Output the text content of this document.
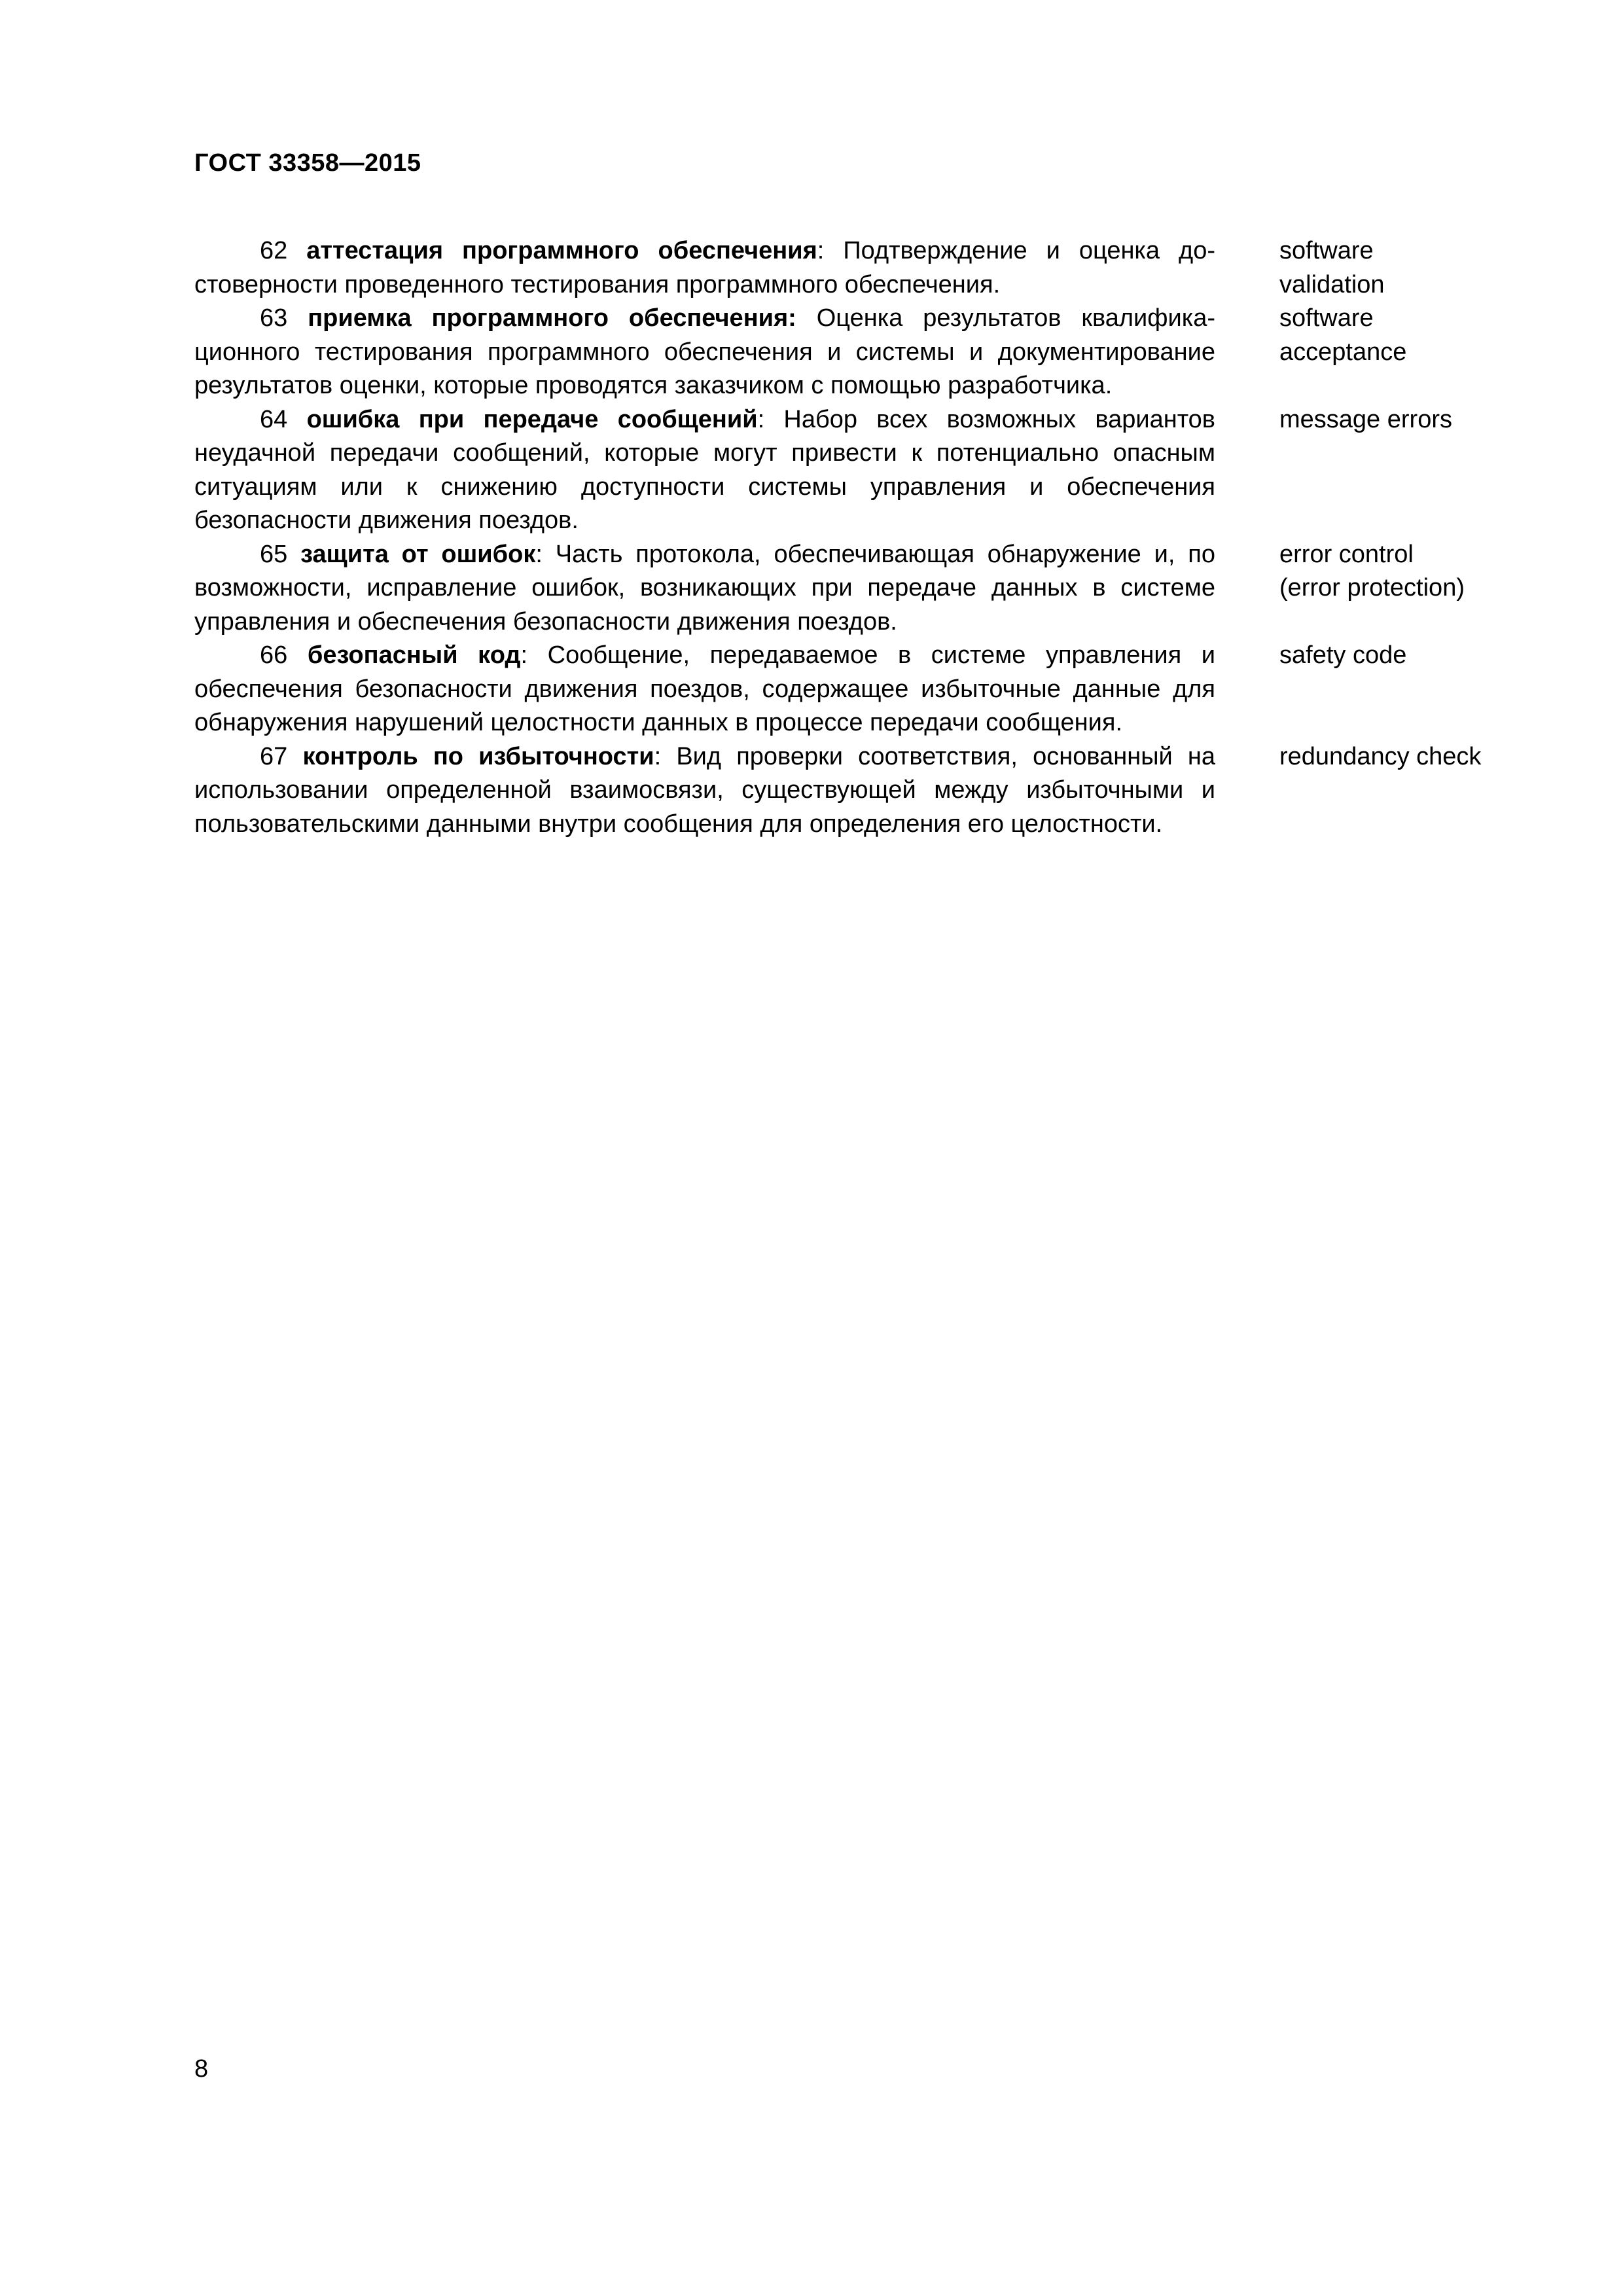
ГОСТ 33358—2015
62 аттестация программного обеспечения: Подтверждение и оценка достоверности проведенного тестирования программного обеспечения.
software
validation
63 приемка программного обеспечения: Оценка результатов квалификационного тестирования программного обеспечения и системы и документирование результатов оценки, которые проводятся заказчиком с помощью разработчика.
software
acceptance
64 ошибка при передаче сообщений: Набор всех возможных вариантов неудачной передачи сообщений, которые могут привести к потенциально опасным ситуациям или к снижению доступности системы управления и обеспечения безопасности движения поездов.
message errors
65 защита от ошибок: Часть протокола, обеспечивающая обнаружение и, по возможности, исправление ошибок, возникающих при передаче данных в системе управления и обеспечения безопасности движения поездов.
error control
(error protection)
66 безопасный код: Сообщение, передаваемое в системе управления и обеспечения безопасности движения поездов, содержащее избыточные данные для обнаружения нарушений целостности данных в процессе передачи сообщения.
safety code
67 контроль по избыточности: Вид проверки соответствия, основанный на использовании определенной взаимосвязи, существующей между избыточными и пользовательскими данными внутри сообщения для определения его целостности.
redundancy check
8
